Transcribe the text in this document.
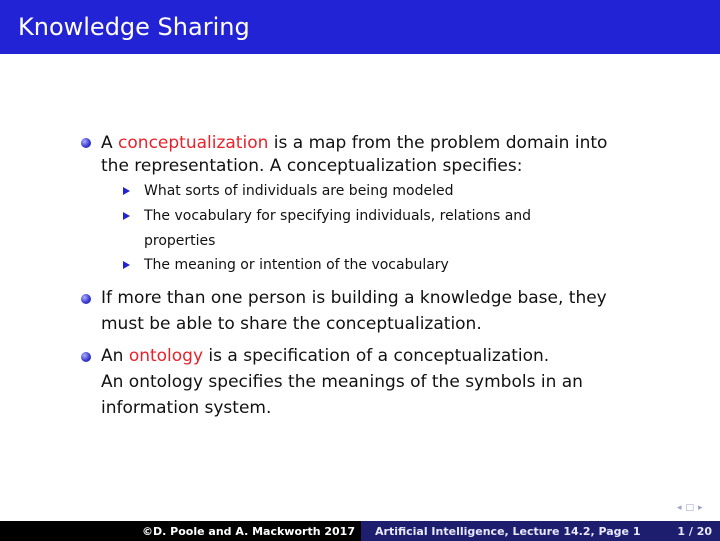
Knowledge Sharing
A conceptualization is a map from the problem domain into
the representation. A conceptualization specifies:
What sorts of individuals are being modeled
The vocabulary for specifying individuals, relations and
properties
The meaning or intention of the vocabulary
If more than one person is building a knowledge base, they
must be able to share the conceptualization.
An ontology is a specification of a conceptualization.
An ontology specifies the meanings of the symbols in an
information system.
◂ □ ▸
©D. Poole and A. Mackworth 2017	Artificial Intelligence, Lecture 14.2, Page 1	1 / 20
